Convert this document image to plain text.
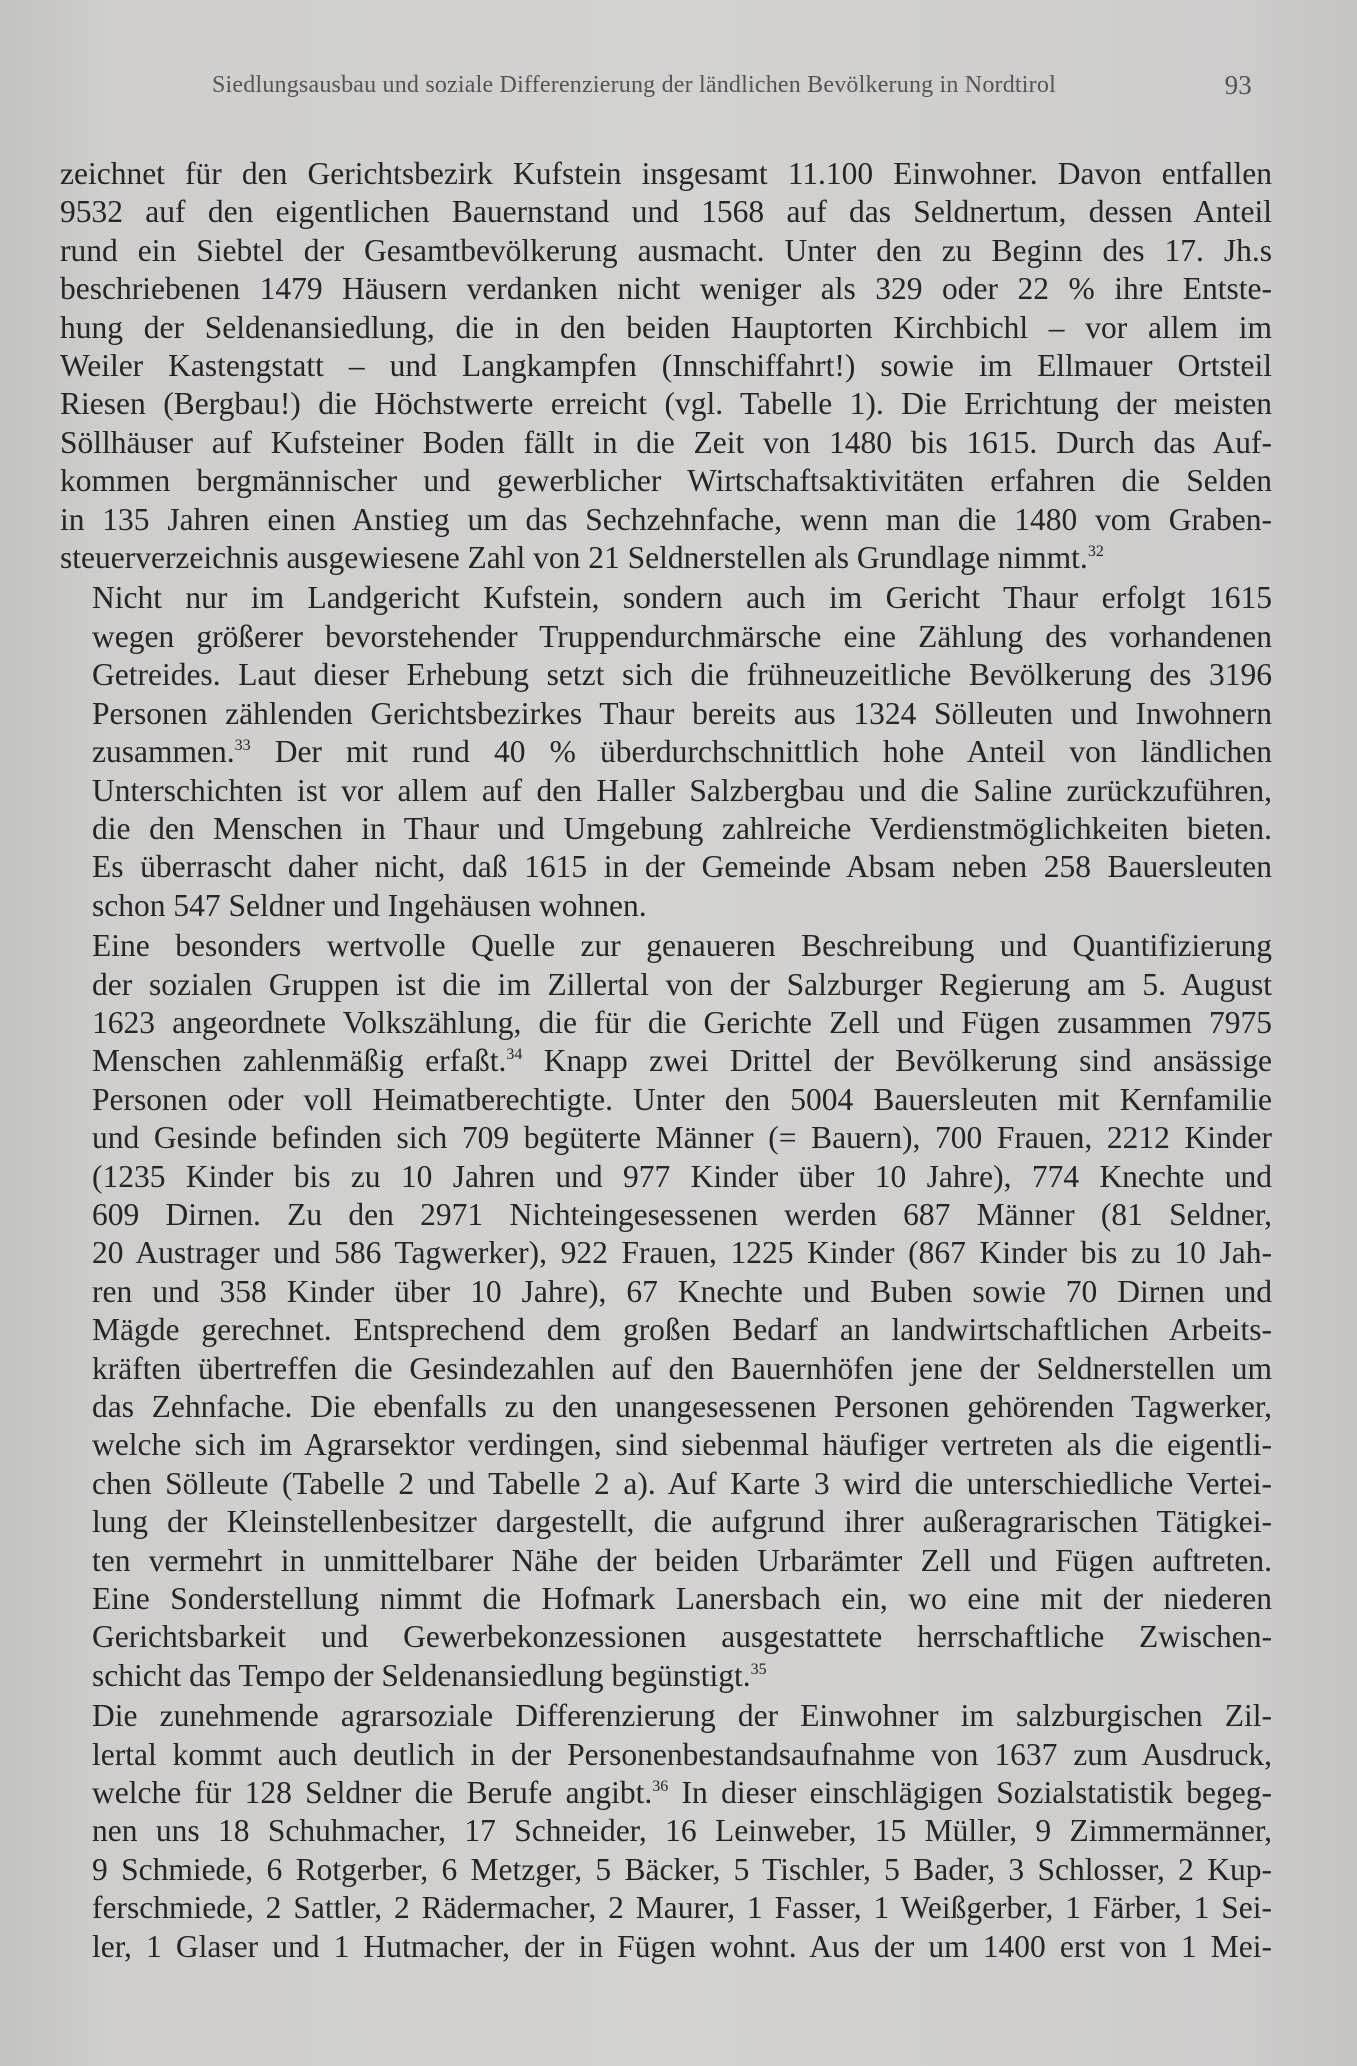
Siedlungsausbau und soziale Differenzierung der ländlichen Bevölkerung in Nordtirol	93
zeichnet für den Gerichtsbezirk Kufstein insgesamt 11.100 Einwohner. Davon entfallen
9532 auf den eigentlichen Bauernstand und 1568 auf das Seldnertum, dessen Anteil
rund ein Siebtel der Gesamtbevölkerung ausmacht. Unter den zu Beginn des 17. Jh.s
beschriebenen 1479 Häusern verdanken nicht weniger als 329 oder 22 % ihre Entste-
hung der Seldenansiedlung, die in den beiden Hauptorten Kirchbichl – vor allem im
Weiler Kastengstatt – und Langkampfen (Innschiffahrt!) sowie im Ellmauer Ortsteil
Riesen (Bergbau!) die Höchstwerte erreicht (vgl. Tabelle 1). Die Errichtung der meisten
Söllhäuser auf Kufsteiner Boden fällt in die Zeit von 1480 bis 1615. Durch das Auf-
kommen bergmännischer und gewerblicher Wirtschaftsaktivitäten erfahren die Selden
in 135 Jahren einen Anstieg um das Sechzehnfache, wenn man die 1480 vom Graben-
steuerverzeichnis ausgewiesene Zahl von 21 Seldnerstellen als Grundlage nimmt.$^{32}$
Nicht nur im Landgericht Kufstein, sondern auch im Gericht Thaur erfolgt 1615
wegen größerer bevorstehender Truppendurchmärsche eine Zählung des vorhandenen
Getreides. Laut dieser Erhebung setzt sich die frühneuzeitliche Bevölkerung des 3196
Personen zählenden Gerichtsbezirkes Thaur bereits aus 1324 Sölleuten und Inwohnern
zusammen.$^{33}$ Der mit rund 40 % überdurchschnittlich hohe Anteil von ländlichen
Unterschichten ist vor allem auf den Haller Salzbergbau und die Saline zurückzuführen,
die den Menschen in Thaur und Umgebung zahlreiche Verdienstmöglichkeiten bieten.
Es überrascht daher nicht, daß 1615 in der Gemeinde Absam neben 258 Bauersleuten
schon 547 Seldner und Ingehäusen wohnen.
Eine besonders wertvolle Quelle zur genaueren Beschreibung und Quantifizierung
der sozialen Gruppen ist die im Zillertal von der Salzburger Regierung am 5. August
1623 angeordnete Volkszählung, die für die Gerichte Zell und Fügen zusammen 7975
Menschen zahlenmäßig erfaßt.$^{34}$ Knapp zwei Drittel der Bevölkerung sind ansässige
Personen oder voll Heimatberechtigte. Unter den 5004 Bauersleuten mit Kernfamilie
und Gesinde befinden sich 709 begüterte Männer (= Bauern), 700 Frauen, 2212 Kinder
(1235 Kinder bis zu 10 Jahren und 977 Kinder über 10 Jahre), 774 Knechte und
609 Dirnen. Zu den 2971 Nichteingesessenen werden 687 Männer (81 Seldner,
20 Austrager und 586 Tagwerker), 922 Frauen, 1225 Kinder (867 Kinder bis zu 10 Jah-
ren und 358 Kinder über 10 Jahre), 67 Knechte und Buben sowie 70 Dirnen und
Mägde gerechnet. Entsprechend dem großen Bedarf an landwirtschaftlichen Arbeits-
kräften übertreffen die Gesindezahlen auf den Bauernhöfen jene der Seldnerstellen um
das Zehnfache. Die ebenfalls zu den unangesessenen Personen gehörenden Tagwerker,
welche sich im Agrarsektor verdingen, sind siebenmal häufiger vertreten als die eigentli-
chen Sölleute (Tabelle 2 und Tabelle 2 a). Auf Karte 3 wird die unterschiedliche Vertei-
lung der Kleinstellenbesitzer dargestellt, die aufgrund ihrer außeragrarischen Tätigkei-
ten vermehrt in unmittelbarer Nähe der beiden Urbarämter Zell und Fügen auftreten.
Eine Sonderstellung nimmt die Hofmark Lanersbach ein, wo eine mit der niederen
Gerichtsbarkeit und Gewerbekonzessionen ausgestattete herrschaftliche Zwischen-
schicht das Tempo der Seldenansiedlung begünstigt.$^{35}$
Die zunehmende agrarsoziale Differenzierung der Einwohner im salzburgischen Zil-
lertal kommt auch deutlich in der Personenbestandsaufnahme von 1637 zum Ausdruck,
welche für 128 Seldner die Berufe angibt.$^{36}$ In dieser einschlägigen Sozialstatistik begeg-
nen uns 18 Schuhmacher, 17 Schneider, 16 Leinweber, 15 Müller, 9 Zimmermänner,
9 Schmiede, 6 Rotgerber, 6 Metzger, 5 Bäcker, 5 Tischler, 5 Bader, 3 Schlosser, 2 Kup-
ferschmiede, 2 Sattler, 2 Rädermacher, 2 Maurer, 1 Fasser, 1 Weißgerber, 1 Färber, 1 Sei-
ler, 1 Glaser und 1 Hutmacher, der in Fügen wohnt. Aus der um 1400 erst von 1 Mei-
